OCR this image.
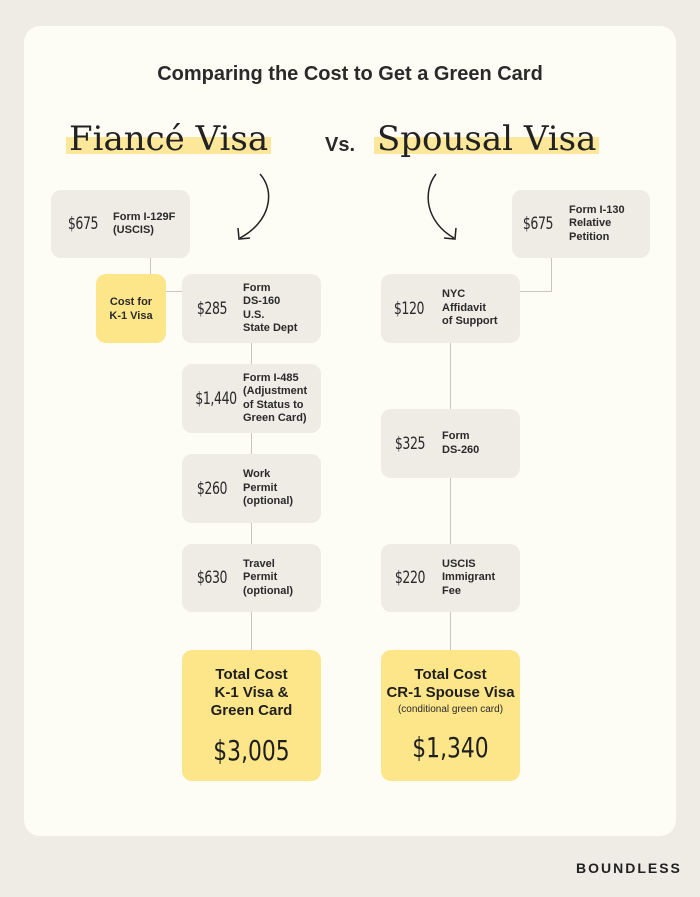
Comparing the Cost to Get a Green Card
Fiancé Visa	Vs. Spousal Visa
$675	Form I-129F
(USCIS)
Cost for
K-1 Visa	$285
Form
DS-160
U.S.
State Dept
$1,440
Form I-485
(Adjustment
of Status to
Green Card)
$260
Work
Permit
(optional)
$630
Travel
Permit
(optional)
Total Cost
K-1 Visa &
Green Card
$3,005
$675
Form I-130
Relative
Petition
$120
NYC
Affidavit
of Support
$325	Form
DS-260
$220
USCIS
Immigrant
Fee
Total Cost
CR-1 Spouse Visa
(conditional green card)
$1,340
BOUNDLESS
